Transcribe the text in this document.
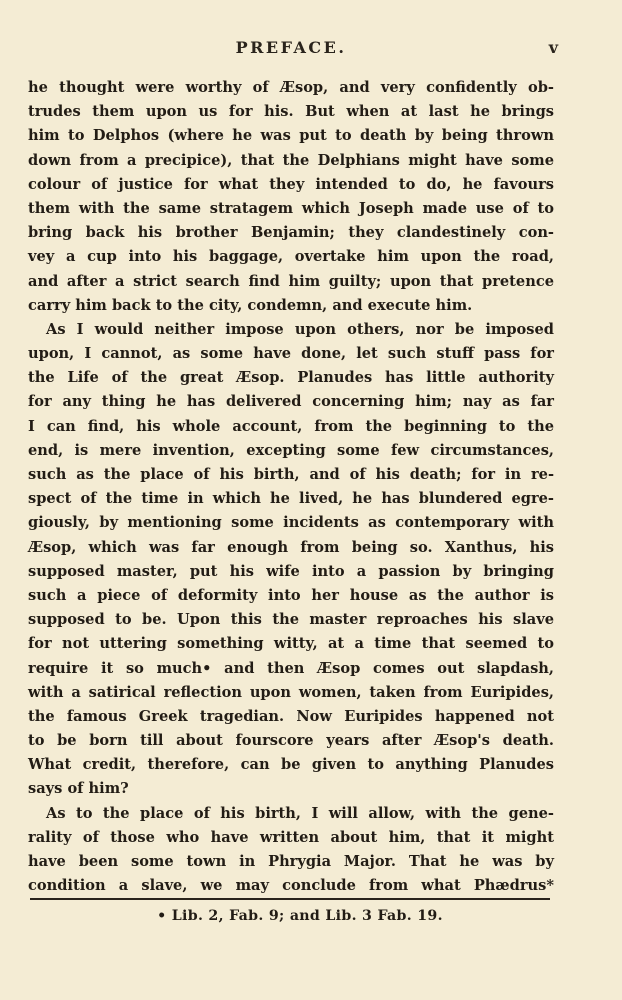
PREFACE.	v
he thought were worthy of Æsop, and very confidently ob-
trudes them upon us for his. But when at last he brings
him to Delphos (where he was put to death by being thrown
down from a precipice), that the Delphians might have some
colour of justice for what they intended to do, he favours
them with the same stratagem which Joseph made use of to
bring back his brother Benjamin; they clandestinely con-
vey a cup into his baggage, overtake him upon the road,
and after a strict search find him guilty; upon that pretence
carry him back to the city, condemn, and execute him.
As I would neither impose upon others, nor be imposed
upon, I cannot, as some have done, let such stuff pass for
the Life of the great Æsop. Planudes has little authority
for any thing he has delivered concerning him; nay as far
I can find, his whole account, from the beginning to the
end, is mere invention, excepting some few circumstances,
such as the place of his birth, and of his death; for in re-
spect of the time in which he lived, he has blundered egre-
giously, by mentioning some incidents as contemporary with
Æsop, which was far enough from being so. Xanthus, his
supposed master, put his wife into a passion by bringing
such a piece of deformity into her house as the author is
supposed to be. Upon this the master reproaches his slave
for not uttering something witty, at a time that seemed to
require it so much• and then Æsop comes out slapdash,
with a satirical reflection upon women, taken from Euripides,
the famous Greek tragedian. Now Euripides happened not
to be born till about fourscore years after Æsop's death.
What credit, therefore, can be given to anything Planudes
says of him?
As to the place of his birth, I will allow, with the gene-
rality of those who have written about him, that it might
have been some town in Phrygia Major. That he was by
condition a slave, we may conclude from what Phædrus*
• Lib. 2, Fab. 9; and Lib. 3 Fab. 19.
